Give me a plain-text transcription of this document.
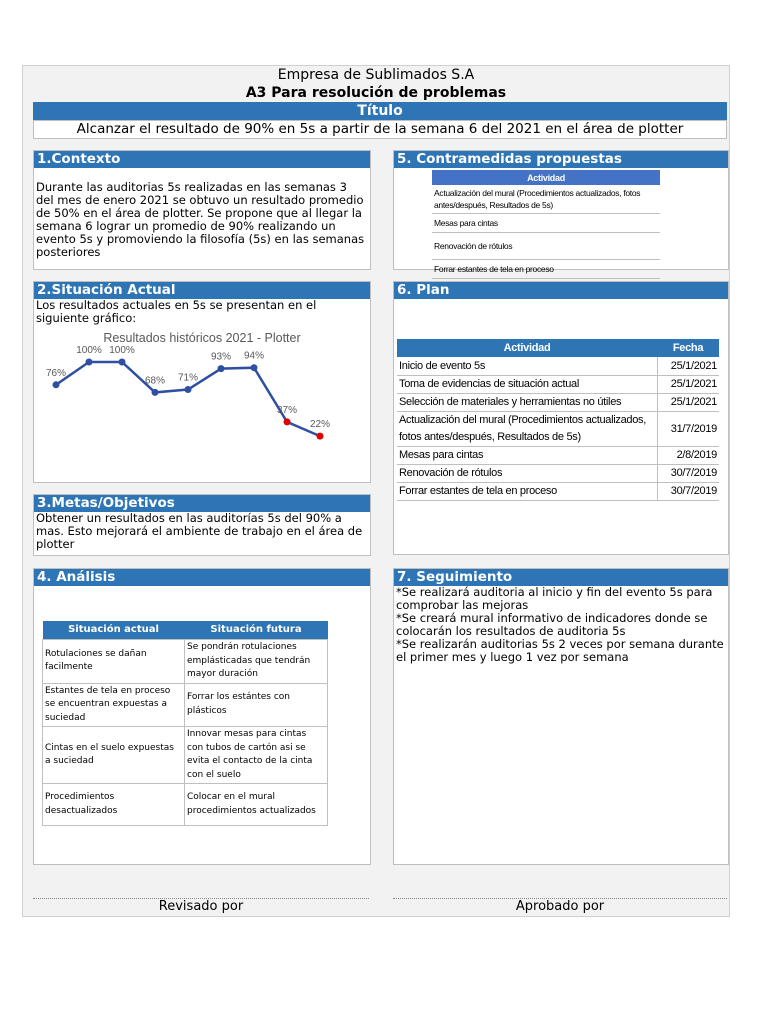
Empresa de Sublimados S.A
A3 Para resolución de problemas
Título
Alcanzar el resultado de 90% en 5s a partir de la semana 6 del 2021 en el área de plotter
1.Contexto
Durante las auditorias 5s realizadas en las semanas 3 del mes de enero 2021 se obtuvo un resultado promedio de 50% en el área de plotter. Se propone que al llegar la semana 6 lograr un promedio de 90% realizando un evento 5s y promoviendo la filosofía (5s) en las semanas posteriores
5. Contramedidas propuestas
Actividad
Actualización del mural (Procedimientos actualizados, fotos antes/después, Resultados de 5s)
Mesas para cintas
Renovación de rótulos
Forrar estantes de tela en proceso
2.Situación Actual
Los resultados actuales en 5s se presentan en el siguiente gráfico:
Resultados históricos 2021 - Plotter
76%
100% 100%
68% 71%
93% 94%
37%
22%
6. Plan
Actividad	Fecha
Inicio de evento 5s	25/1/2021
Toma de evidencias de situación actual	25/1/2021
Selección de materiales y herramientas no útiles	25/1/2021
Actualización del mural (Procedimientos actualizados, fotos antes/después, Resultados de 5s)	31/7/2019
Mesas para cintas	2/8/2019
Renovación de rótulos	30/7/2019
Forrar estantes de tela en proceso	30/7/2019
3.Metas/Objetivos
Obtener un resultados en las auditorías 5s del 90% a mas. Esto mejorará el ambiente de trabajo en el área de plotter
4. Análisis
Situación actual	Situación futura
Rotulaciones se dañan facilmente	Se pondrán rotulaciones emplásticadas que tendrán mayor duración
Estantes de tela en proceso se encuentran expuestas a suciedad	Forrar los estántes con plásticos
Cintas en el suelo expuestas a suciedad	Innovar mesas para cintas con tubos de cartón asi se evita el contacto de la cinta con el suelo
Procedimientos desactualizados	Colocar en el mural procedimientos actualizados
7. Seguimiento
*Se realizará auditoria al inicio y fin del evento 5s para comprobar las mejoras
*Se creará mural informativo de indicadores donde se colocarán los resultados de auditoria 5s
*Se realizarán auditorias 5s 2 veces por semana durante el primer mes y luego 1 vez por semana
Revisado por	Aprobado por
